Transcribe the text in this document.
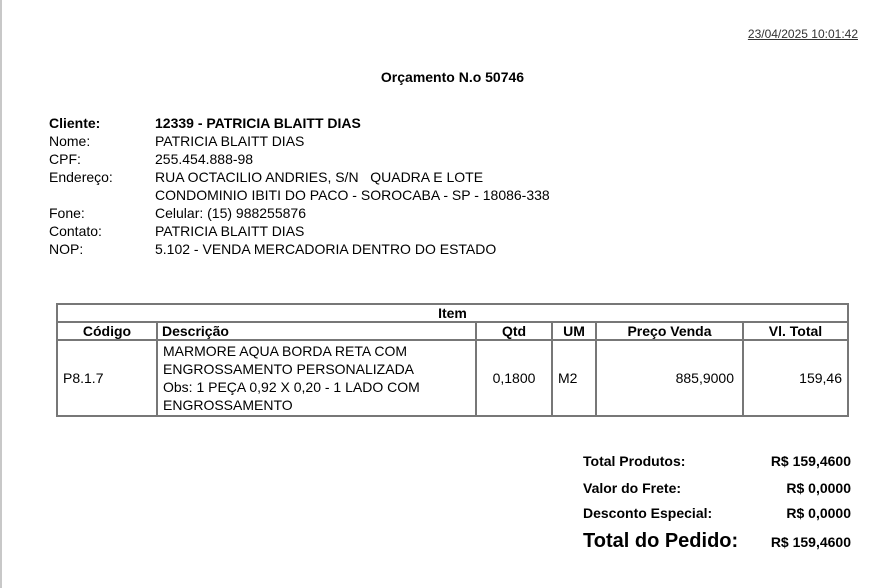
23/04/2025 10:01:42
Orçamento N.o 50746
Cliente:	12339 - PATRICIA BLAITT DIAS
Nome:	PATRICIA BLAITT DIAS
CPF:	255.454.888-98
Endereço:	RUA OCTACILIO ANDRIES, S/N   QUADRA E LOTE
CONDOMINIO IBITI DO PACO - SOROCABA - SP - 18086-338
Fone:	Celular: (15) 988255876
Contato:	PATRICIA BLAITT DIAS
NOP:	5.102 - VENDA MERCADORIA DENTRO DO ESTADO
Item					
Código	Descrição	Qtd	UM	Preço Venda	Vl. Total
P8.1.7	MARMORE AQUA BORDA RETA COM
ENGROSSAMENTO PERSONALIZADA
Obs: 1 PEÇA 0,92 X 0,20 - 1 LADO COM
ENGROSSAMENTO	0,1800	M2	885,9000	159,46
Total Produtos:	R$ 159,4600
Valor do Frete:	R$ 0,0000
Desconto Especial:	R$ 0,0000
Total do Pedido: R$ 159,4600
